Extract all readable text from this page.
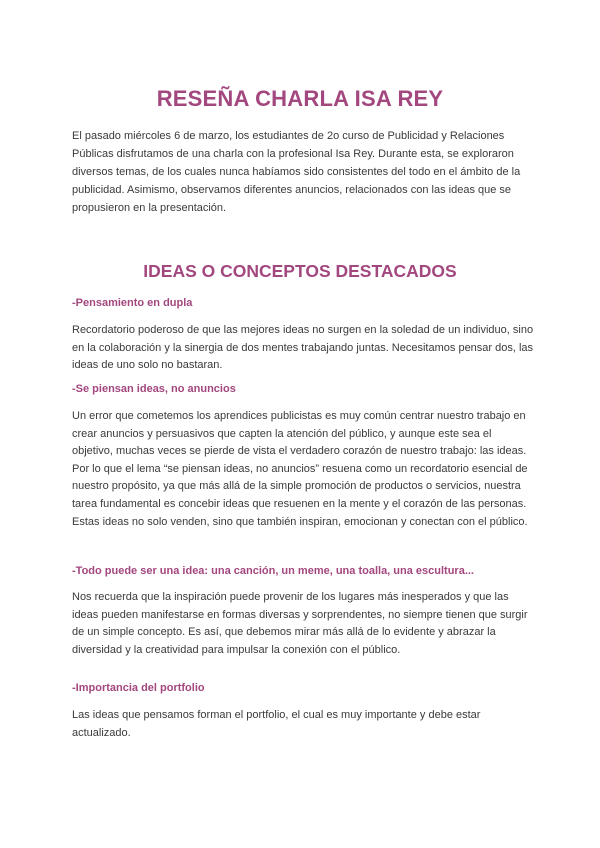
RESEÑA CHARLA ISA REY

El pasado miércoles 6 de marzo, los estudiantes de 2o curso de Publicidad y Relaciones Públicas disfrutamos de una charla con la profesional Isa Rey. Durante esta, se exploraron diversos temas, de los cuales nunca habíamos sido consistentes del todo en el ámbito de la publicidad. Asimismo, observamos diferentes anuncios, relacionados con las ideas que se propusieron en la presentación.

IDEAS O CONCEPTOS DESTACADOS

-Pensamiento en dupla

Recordatorio poderoso de que las mejores ideas no surgen en la soledad de un individuo, sino en la colaboración y la sinergia de dos mentes trabajando juntas. Necesitamos pensar dos, las ideas de uno solo no bastaran.

-Se piensan ideas, no anuncios

Un error que cometemos los aprendices publicistas es muy común centrar nuestro trabajo en crear anuncios y persuasivos que capten la atención del público, y aunque este sea el objetivo, muchas veces se pierde de vista el verdadero corazón de nuestro trabajo: las ideas. Por lo que el lema “se piensan ideas, no anuncios” resuena como un recordatorio esencial de nuestro propósito, ya que más allá de la simple promoción de productos o servicios, nuestra tarea fundamental es concebir ideas que resuenen en la mente y el corazón de las personas. Estas ideas no solo venden, sino que también inspiran, emocionan y conectan con el público.

-Todo puede ser una idea: una canción, un meme, una toalla, una escultura...

Nos recuerda que la inspiración puede provenir de los lugares más inesperados y que las ideas pueden manifestarse en formas diversas y sorprendentes, no siempre tienen que surgir de un simple concepto. Es así, que debemos mirar más allá de lo evidente y abrazar la diversidad y la creatividad para impulsar la conexión con el público.

-Importancia del portfolio

Las ideas que pensamos forman el portfolio, el cual es muy importante y debe estar actualizado.
